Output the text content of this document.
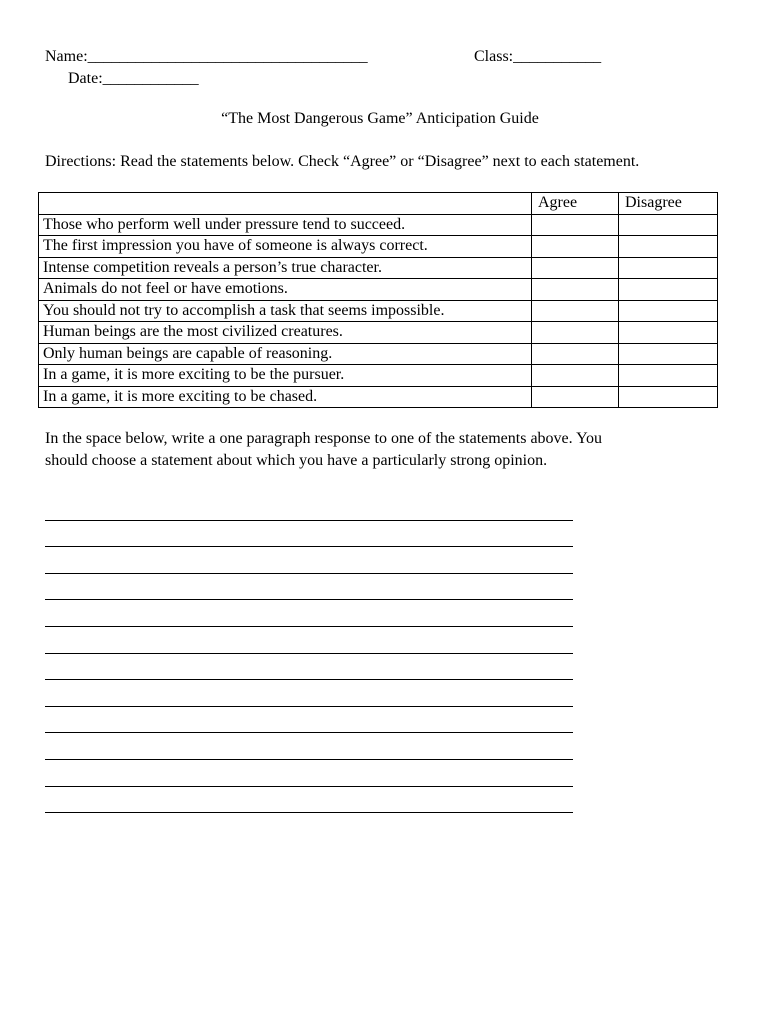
Name:___________________________________	Class:___________
Date:____________
“The Most Dangerous Game” Anticipation Guide
Directions: Read the statements below. Check “Agree” or “Disagree” next to each statement.
	Agree	Disagree
Those who perform well under pressure tend to succeed.		
The first impression you have of someone is always correct.		
Intense competition reveals a person’s true character.		
Animals do not feel or have emotions.		
You should not try to accomplish a task that seems impossible.		
Human beings are the most civilized creatures.		
Only human beings are capable of reasoning.		
In a game, it is more exciting to be the pursuer.		
In a game, it is more exciting to be chased.		
In the space below, write a one paragraph response to one of the statements above. You
should choose a statement about which you have a particularly strong opinion.
